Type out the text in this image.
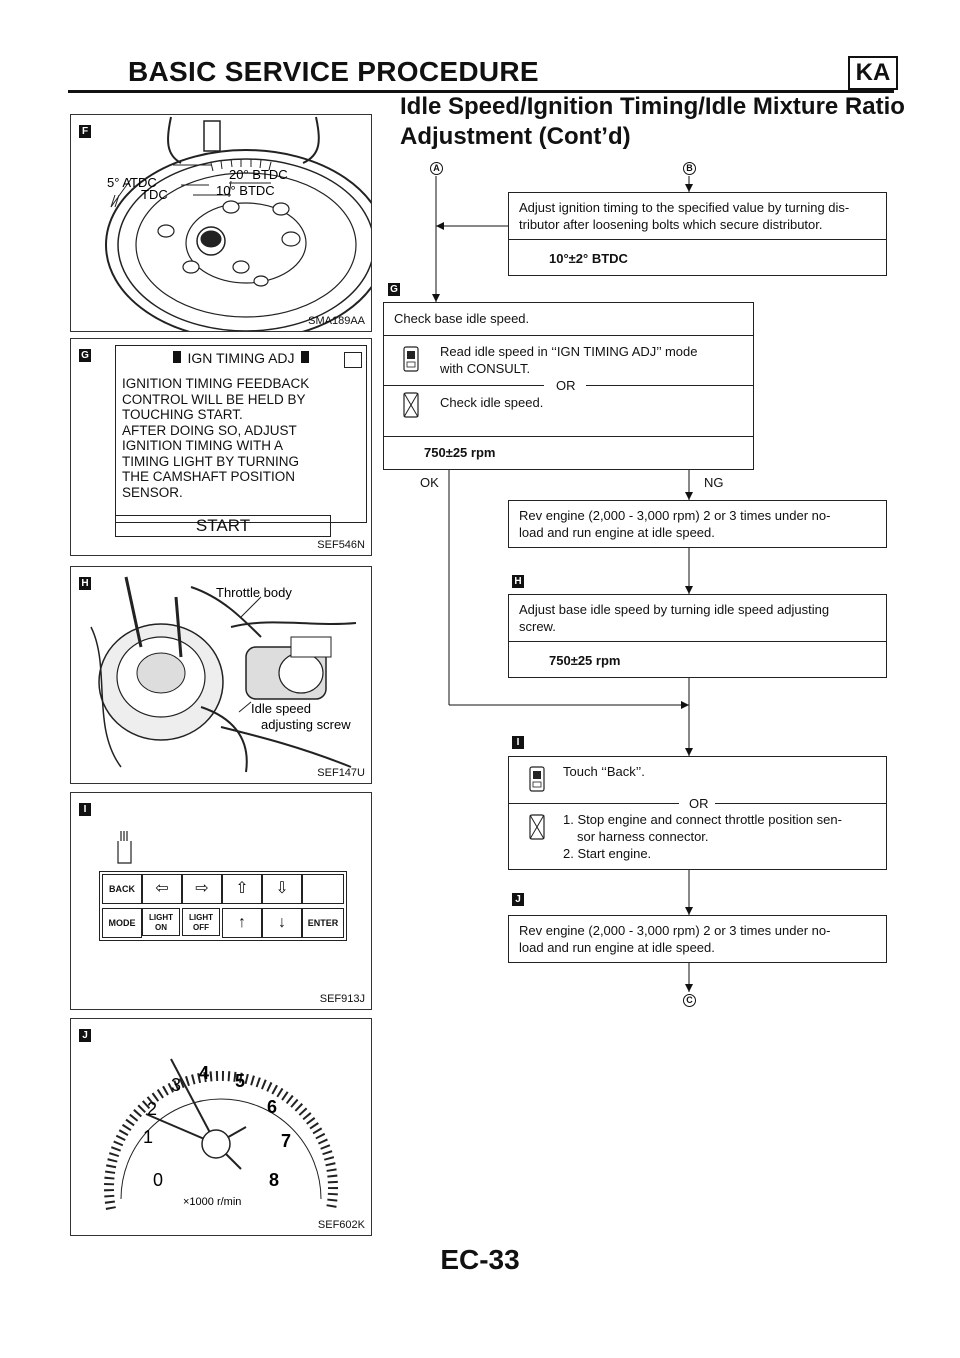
BASIC SERVICE PROCEDURE	KA
Idle Speed/Ignition Timing/Idle Mixture Ratio
Adjustment (Cont’d)
20° BTDC
5° ATDC
10° BTDC
TDC
F
SMA189AA
IGN TIMING ADJ
IGNITION TIMING FEEDBACK
CONTROL WILL BE HELD BY
TOUCHING START.
AFTER DOING SO, ADJUST
IGNITION TIMING WITH A
TIMING LIGHT BY TURNING
THE CAMSHAFT POSITION
SENSOR.
START
G
SEF546N
Throttle body
Idle speed
adjusting screw
H
SEF147U
BACK	⇦	⇨	⇧	⇩
MODE
LIGHT
ON
LIGHT
OFF	↑	↓	ENTER
I
SEF913J
0
1
2
3
4 5
6
7
8
×1000 r/min
J
SEF602K
A	B
Adjust ignition timing to the specified value by turning dis-
tributor after loosening bolts which secure distributor.
10°±2° BTDC
G
Check base idle speed.
Read idle speed in ‘‘IGN TIMING ADJ’’ mode
with CONSULT.
OR
Check idle speed.
750±25 rpm
OK	NG
Rev engine (2,000 - 3,000 rpm) 2 or 3 times under no-
load and run engine at idle speed.
H
Adjust base idle speed by turning idle speed adjusting
screw.
750±25 rpm
I
Touch ‘‘Back’’.
OR
1. Stop engine and connect throttle position sen-
sor harness connector.
2. Start engine.
J
Rev engine (2,000 - 3,000 rpm) 2 or 3 times under no-
load and run engine at idle speed.
C
EC-33
